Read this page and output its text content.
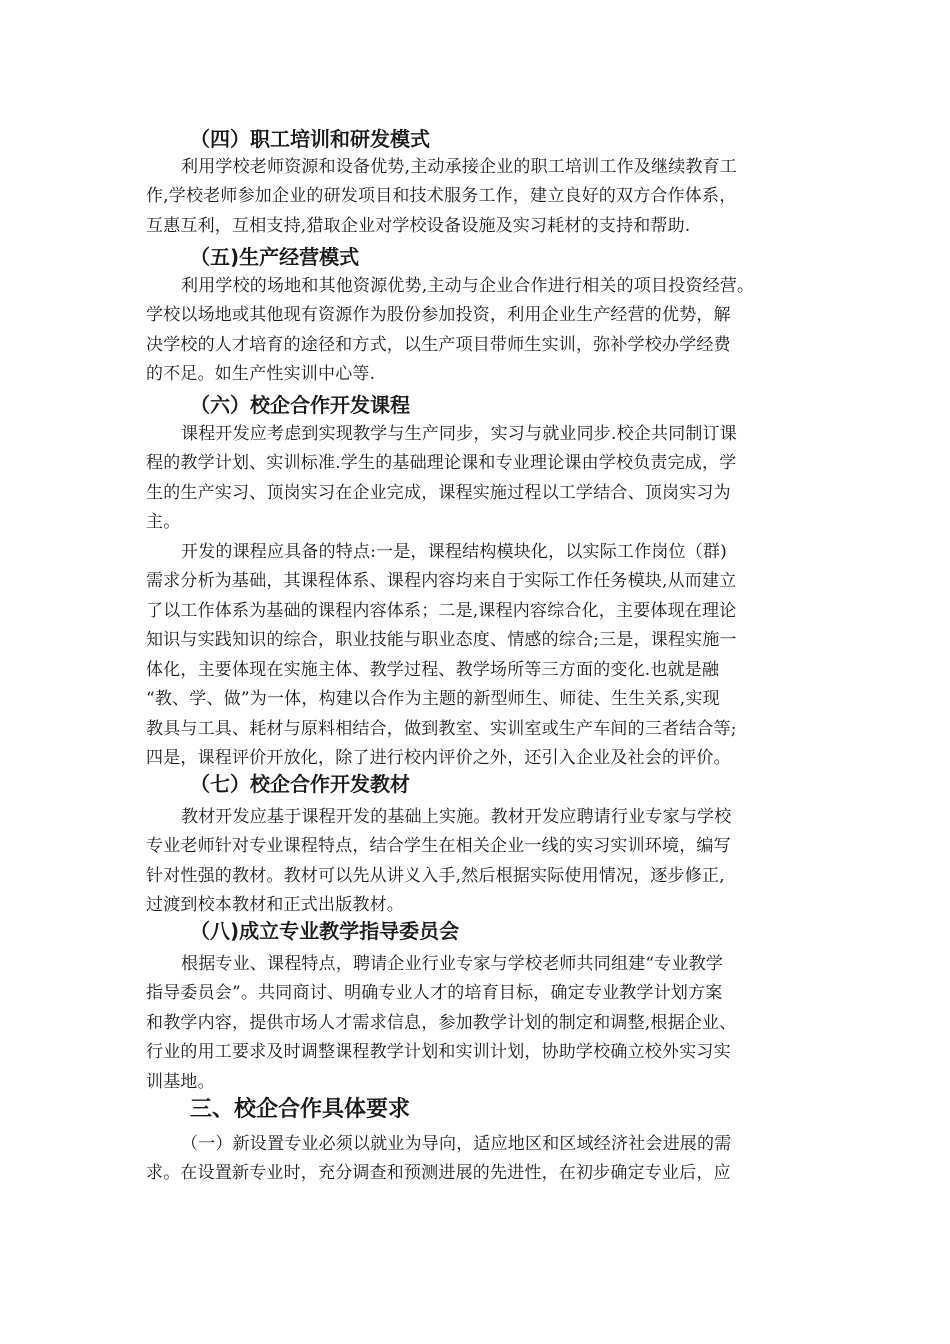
（四）职工培训和研发模式
利用学校老师资源和设备优势,主动承接企业的职工培训工作及继续教育工
作,学校老师参加企业的研发项目和技术服务工作，建立良好的双方合作体系，
互惠互利，互相支持,猎取企业对学校设备设施及实习耗材的支持和帮助.
（五)生产经营模式
利用学校的场地和其他资源优势,主动与企业合作进行相关的项目投资经营。
学校以场地或其他现有资源作为股份参加投资，利用企业生产经营的优势，解
决学校的人才培育的途径和方式，以生产项目带师生实训，弥补学校办学经费
的不足。如生产性实训中心等.
（六）校企合作开发课程
课程开发应考虑到实现教学与生产同步，实习与就业同步.校企共同制订课
程的教学计划、实训标准.学生的基础理论课和专业理论课由学校负责完成，学
生的生产实习、顶岗实习在企业完成，课程实施过程以工学结合、顶岗实习为
主。
开发的课程应具备的特点:一是，课程结构模块化，以实际工作岗位（群)
需求分析为基础，其课程体系、课程内容均来自于实际工作任务模块,从而建立
了以工作体系为基础的课程内容体系；二是,课程内容综合化，主要体现在理论
知识与实践知识的综合，职业技能与职业态度、情感的综合;三是，课程实施一
体化，主要体现在实施主体、教学过程、教学场所等三方面的变化.也就是融
“教、学、做”为一体，构建以合作为主题的新型师生、师徒、生生关系,实现
教具与工具、耗材与原料相结合，做到教室、实训室或生产车间的三者结合等;
四是，课程评价开放化，除了进行校内评价之外，还引入企业及社会的评价。
（七）校企合作开发教材
教材开发应基于课程开发的基础上实施。教材开发应聘请行业专家与学校
专业老师针对专业课程特点，结合学生在相关企业一线的实习实训环境，编写
针对性强的教材。教材可以先从讲义入手,然后根据实际使用情况，逐步修正,
过渡到校本教材和正式出版教材。
（八)成立专业教学指导委员会
根据专业、课程特点，聘请企业行业专家与学校老师共同组建“专业教学
指导委员会”。共同商讨、明确专业人才的培育目标，确定专业教学计划方案
和教学内容，提供市场人才需求信息，参加教学计划的制定和调整,根据企业、
行业的用工要求及时调整课程教学计划和实训计划，协助学校确立校外实习实
训基地。
三、校企合作具体要求
（一）新设置专业必须以就业为导向，适应地区和区域经济社会进展的需
求。在设置新专业时，充分调查和预测进展的先进性，在初步确定专业后，应
